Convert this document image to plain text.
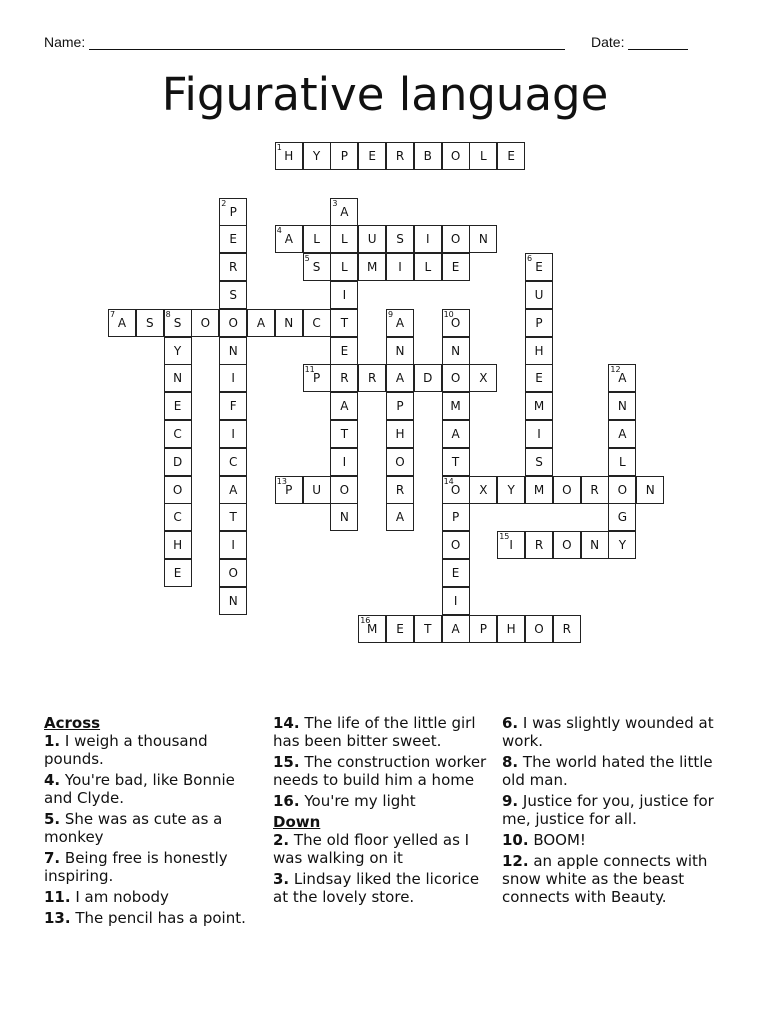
Name:	Date:
Figurative language
H
1
Y P E R B O L E
P
2
E
R
S
O
N
I
F
I
C
A
T
I
O
N
A
3
L
L
I
T
E
R
A
T
I
O
N
A
4
L	U S I O N
S
5
M I L E	E
6
U
P
H
E
M
I
S
M
A
7
S S
8
O	A N C
Y
N
E
C
D
O
C
H
E
A
9
N
A
P
H
O
R
A
O
10
N
O
M
A
T
O
14
P
O
E
I
A
P
11
R	D	X	A
12
N
A
L
O
G
Y
P
13
U	X Y	O R	N
I
15
R O N
M
16
E T	P H O R
Across
1. I weigh a thousand pounds.
4. You're bad, like Bonnie and Clyde.
5. She was as cute as a monkey
7. Being free is honestly inspiring.
11. I am nobody
13. The pencil has a point.
14. The life of the little girl has been bitter sweet.
15. The construction worker needs to build him a home
16. You're my light
Down
2. The old floor yelled as I was walking on it
3. Lindsay liked the licorice at the lovely store.
6. I was slightly wounded at work.
8. The world hated the little old man.
9. Justice for you, justice for me, justice for all.
10. BOOM!
12. an apple connects with snow white as the beast connects with Beauty.
